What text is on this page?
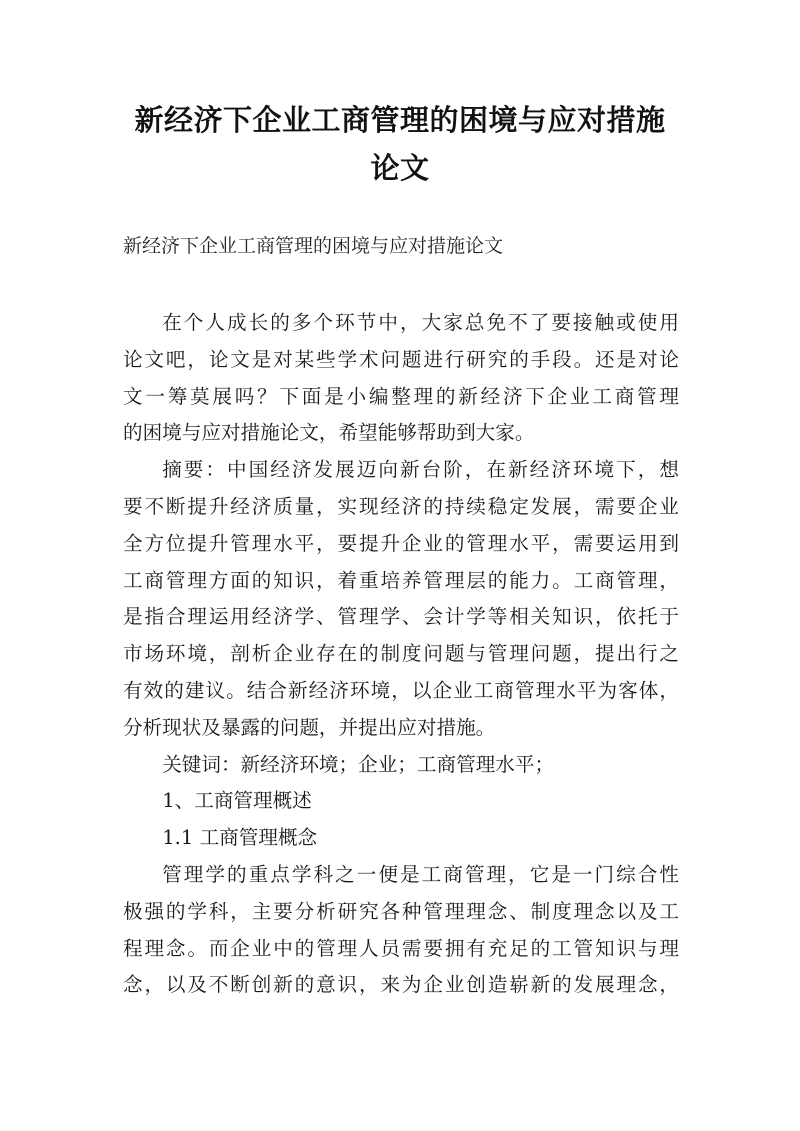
新经济下企业工商管理的困境与应对措施
论文
新经济下企业工商管理的困境与应对措施论文
在个人成长的多个环节中，大家总免不了要接触或使用
论文吧，论文是对某些学术问题进行研究的手段。还是对论
文一筹莫展吗？下面是小编整理的新经济下企业工商管理
的困境与应对措施论文，希望能够帮助到大家。
摘要：中国经济发展迈向新台阶，在新经济环境下，想
要不断提升经济质量，实现经济的持续稳定发展，需要企业
全方位提升管理水平，要提升企业的管理水平，需要运用到
工商管理方面的知识，着重培养管理层的能力。工商管理，
是指合理运用经济学、管理学、会计学等相关知识，依托于
市场环境，剖析企业存在的制度问题与管理问题，提出行之
有效的建议。结合新经济环境，以企业工商管理水平为客体，
分析现状及暴露的问题，并提出应对措施。
关键词：新经济环境；企业；工商管理水平；
1、工商管理概述
1.1 工商管理概念
管理学的重点学科之一便是工商管理，它是一门综合性
极强的学科，主要分析研究各种管理理念、制度理念以及工
程理念。而企业中的管理人员需要拥有充足的工管知识与理
念，以及不断创新的意识，来为企业创造崭新的发展理念，
